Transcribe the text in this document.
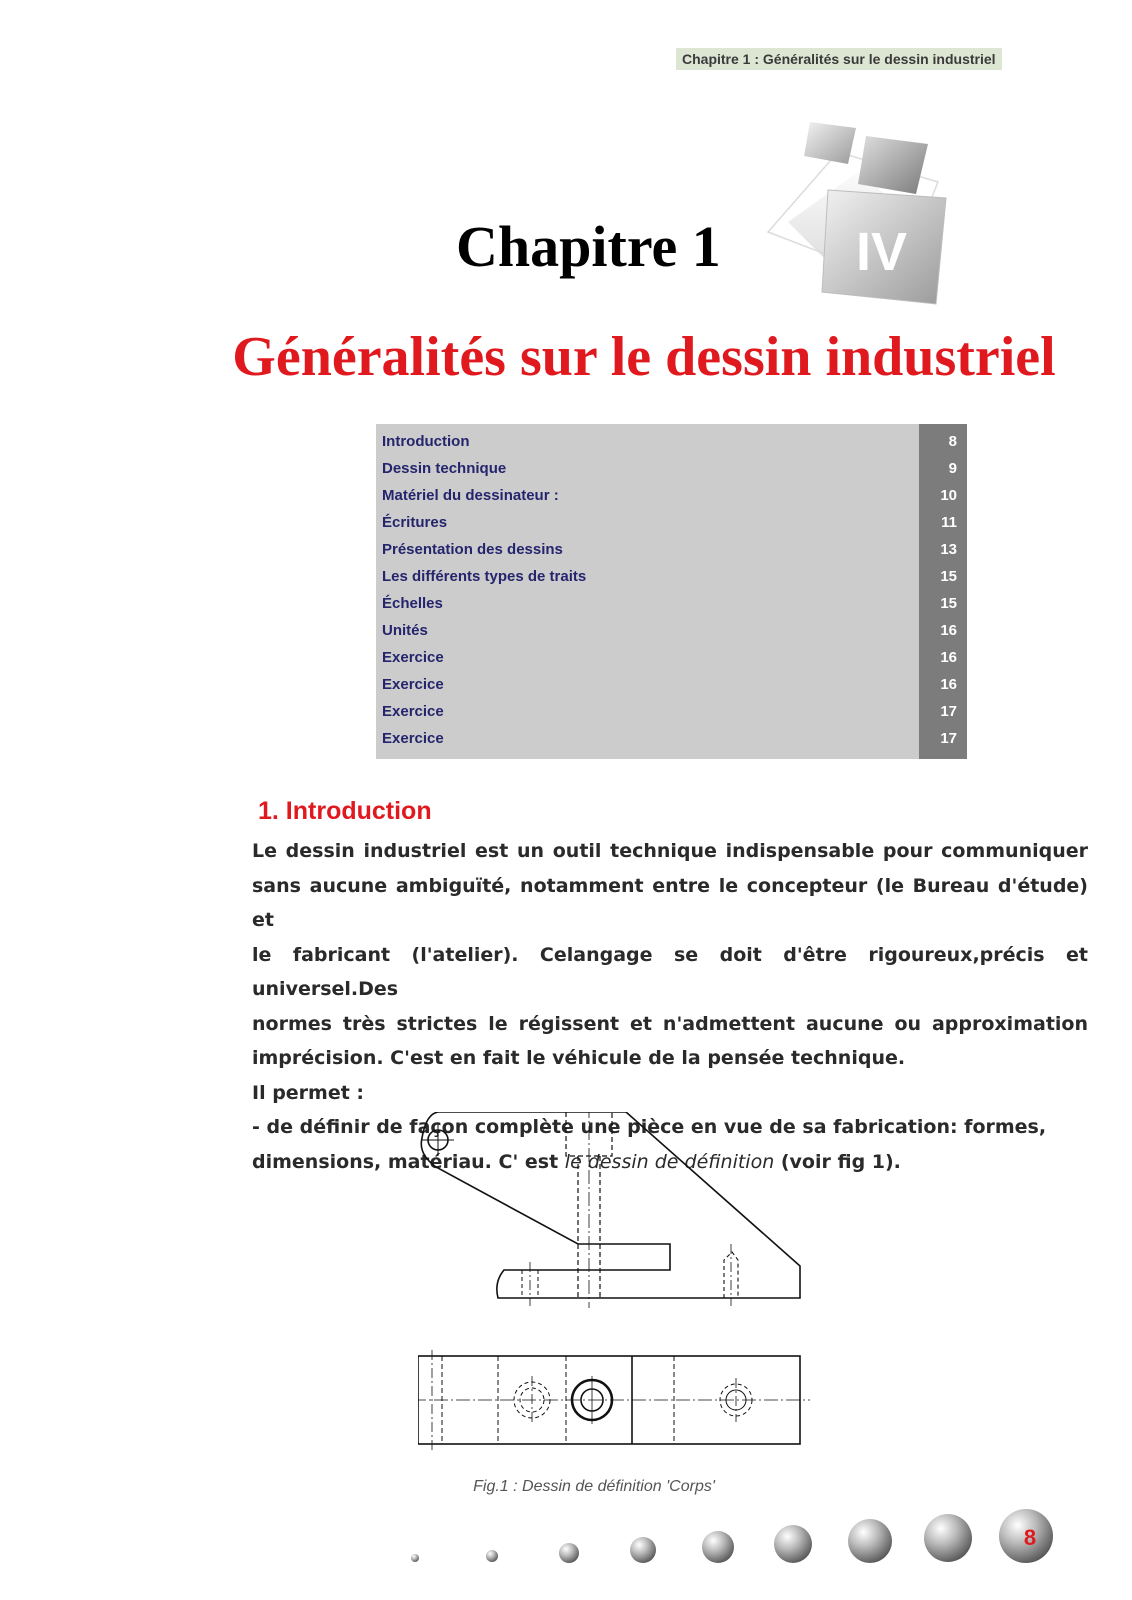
Chapitre 1 : Généralités sur le dessin industriel
IV
Chapitre 1
Généralités sur le dessin industriel
Introduction	8
Dessin technique	9
Matériel du dessinateur :	10
Écritures	11
Présentation des dessins	13
Les différents types de traits	15
Échelles	15
Unités	16
Exercice	16
Exercice	16
Exercice	17
Exercice	17
1. Introduction

Le dessin industriel est un outil technique indispensable pour communiquer

sans aucune ambiguïté, notamment entre le concepteur (le Bureau d'étude) et

le fabricant (l'atelier). Celangage se doit d'être rigoureux,précis et universel.Des

normes très strictes le régissent et n'admettent aucune ou approximation

imprécision. C'est en fait le véhicule de la pensée technique.

Il permet :

- de définir de façon complète une pièce en vue de sa fabrication: formes,

dimensions, matériau. C' est le dessin de définition (voir fig 1).

Fig.1 : Dessin de définition 'Corps'
8
